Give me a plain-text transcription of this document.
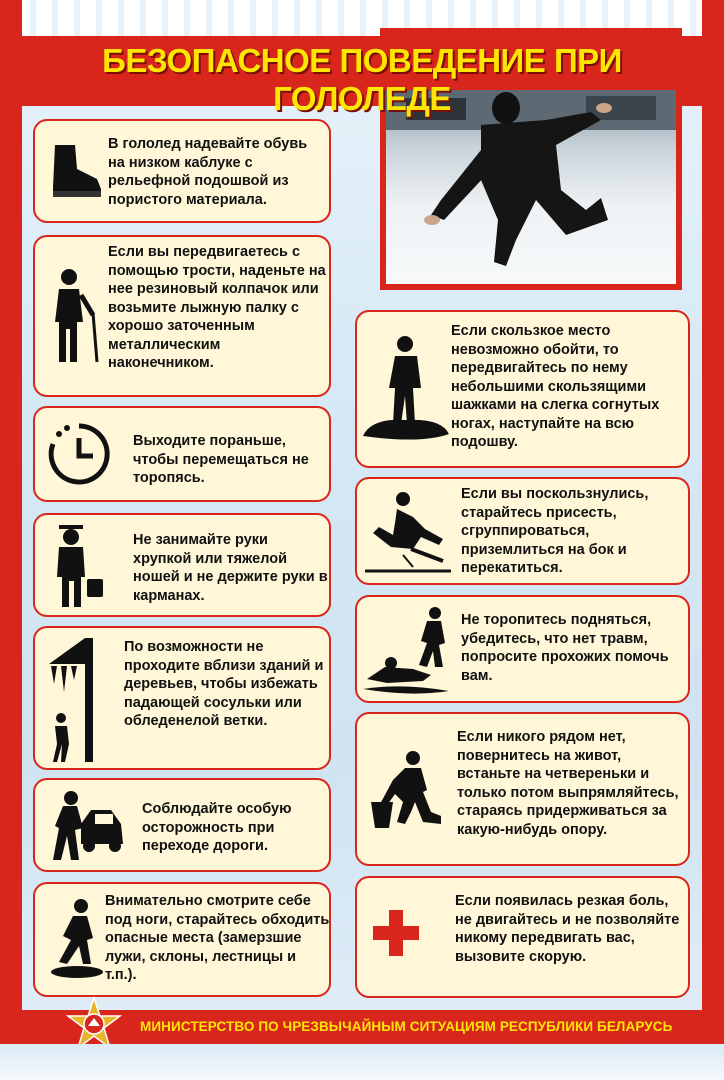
БЕЗОПАСНОЕ ПОВЕДЕНИЕ ПРИ ГОЛОЛЕДЕ
В гололед надевайте обувь на низком каблуке с рельефной подошвой из пористого материала.
Если вы передвигаетесь с помощью трости, наденьте на нее резиновый колпачок или возьмите лыжную палку с хорошо заточенным металлическим наконечником.
Выходите пораньше, чтобы перемещаться не торопясь.
Не занимайте руки хрупкой или тяжелой ношей и не держите руки в карманах.
По возможности не проходите вблизи зданий и деревьев, чтобы избежать падающей сосульки или обледенелой ветки.
Соблюдайте особую осторожность при переходе дороги.
Внимательно смотрите себе под ноги, старайтесь обходить опасные места (замерзшие лужи, склоны, лестницы и т.п.).
Если скользкое место невозможно обойти, то передвигайтесь по нему небольшими скользящими шажками на слегка согнутых ногах, наступайте на всю подошву.
Если вы поскользнулись, старайтесь присесть, сгруппироваться, приземлиться на бок и перекатиться.
Не торопитесь подняться, убедитесь, что нет травм, попросите прохожих помочь вам.
Если никого рядом нет, повернитесь на живот, встаньте на четвереньки и только потом выпрямляйтесь, стараясь придерживаться за какую-нибудь опору.
Если появилась резкая боль, не двигайтесь и не позволяйте никому передвигать вас, вызовите скорую.
МИНИСТЕРСТВО ПО ЧРЕЗВЫЧАЙНЫМ СИТУАЦИЯМ РЕСПУБЛИКИ БЕЛАРУСЬ
